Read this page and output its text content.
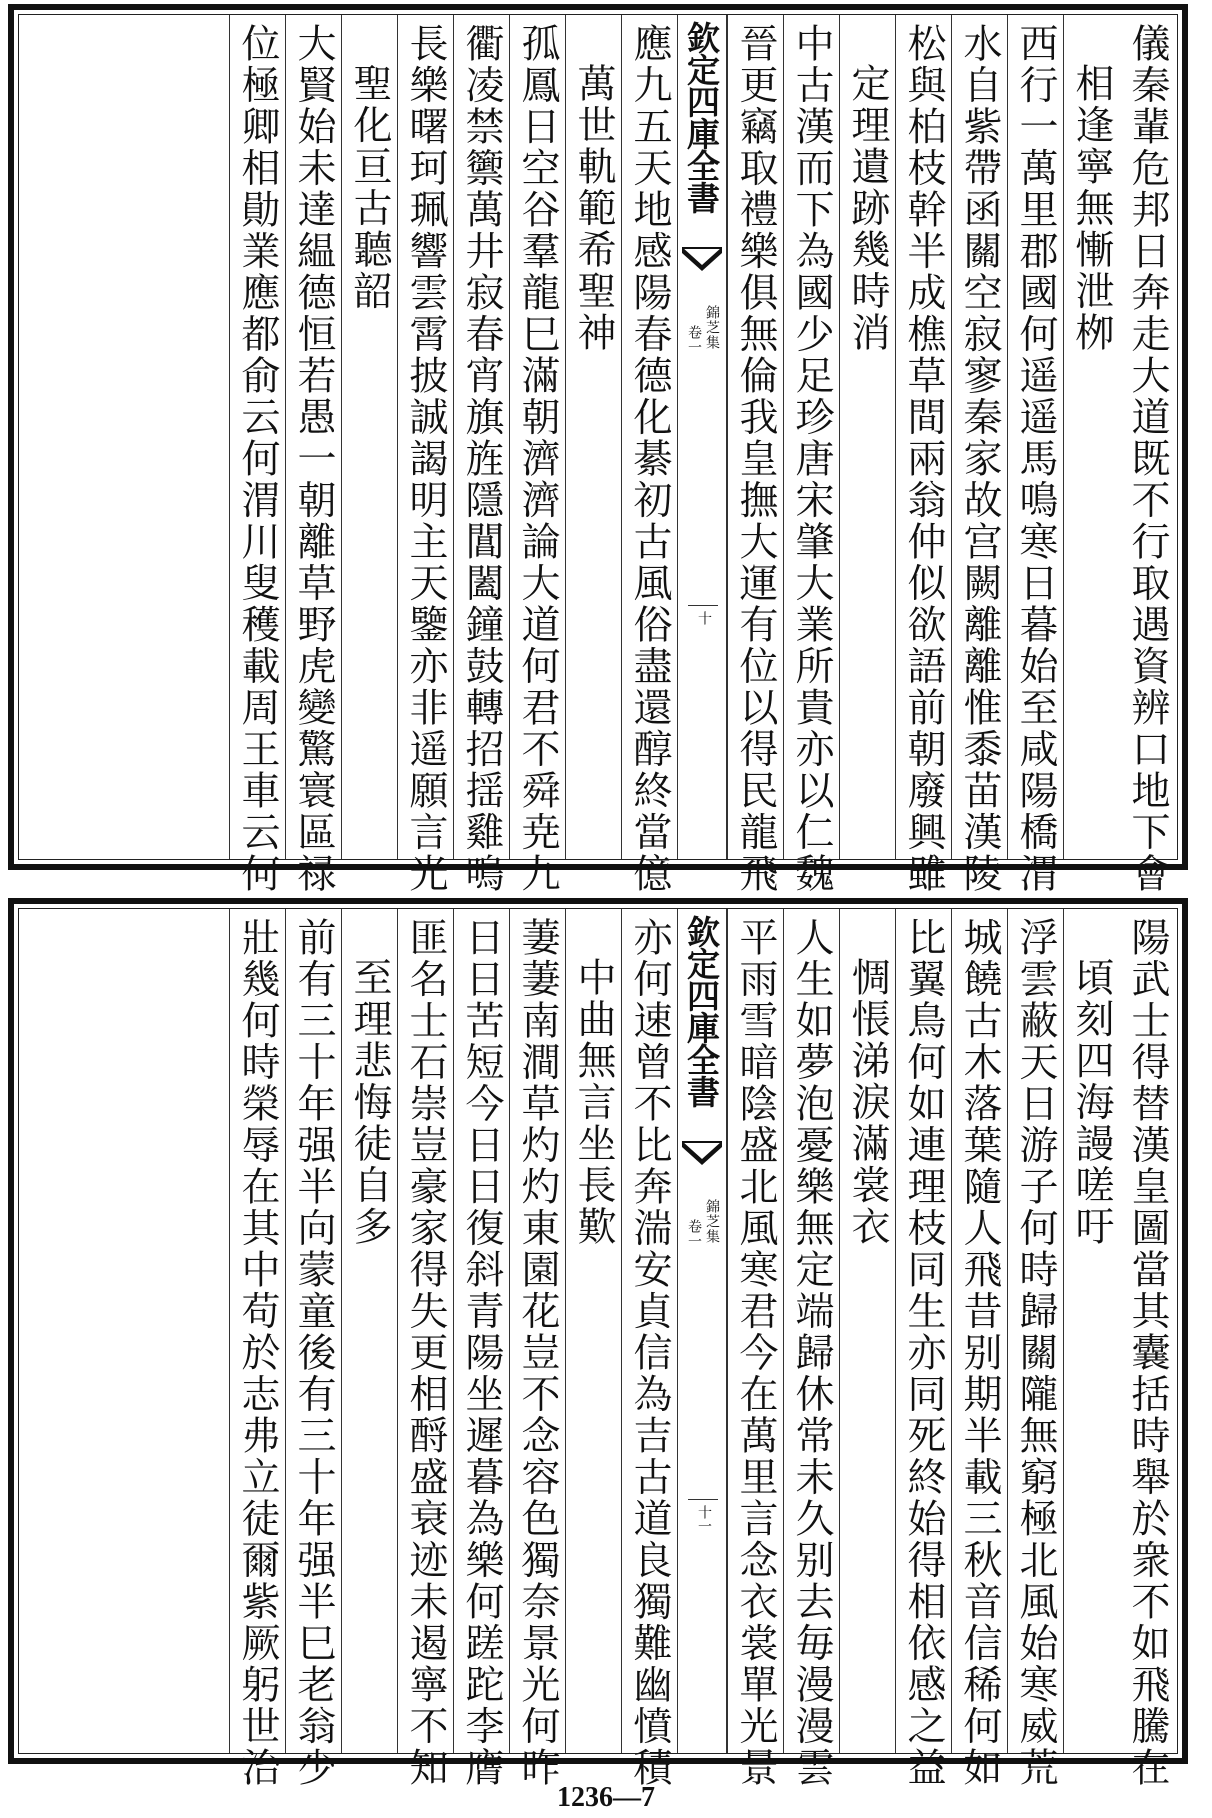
儀秦輩危邦日奔走大道既不行取遇資辨口地下會
相逢寧無慚泄栁
西行一萬里郡國何遥遥馬鳴寒日暮始至咸陽橋渭
水自紫帶函關空寂寥秦家故宫闕離離惟黍苗漢陵
松與柏枝幹半成樵草間兩翁仲似欲語前朝廢興雖
定理遺跡幾時消
中古漢而下為國少足珍唐宋肇大業所貴亦以仁魏
晉更竊取禮樂俱無倫我皇撫大運有位以得民龍飛
欽定四庫全書
錦芝集
卷一
十
應九五天地感陽春德化綦初古風俗盡還醇終當億
萬世軌範希聖神
孤鳳日空谷羣龍巳滿朝濟濟論大道何君不舜尭九
衢凌禁籞萬井寂春宵旗旌隱閶闔鐘鼓轉招揺雞鳴
長樂曙珂珮響雲霄披誠謁明主天鑒亦非遥願言光
聖化亘古聽韶
大賢始未達緼德恒若愚一朝離草野虎變驚寰區禄
位極卿相勛業應都俞云何渭川叟穫載周王車云何
陽武士得替漢皇圖當其囊括時舉於衆不如飛騰在
頃刻四海謾嗟吁
浮雲蔽天日游子何時歸關隴無窮極北風始寒威荒
城饒古木落葉隨人飛昔别期半載三秋音信稀何如
比翼鳥何如連理枝同生亦同死終始得相依感之益
惆悵涕淚滿裳衣
人生如夢泡憂樂無定端歸休常未久别去毎漫漫雲
平雨雪暗陰盛北風寒君今在萬里言念衣裳單光景
欽定四庫全書
錦芝集
卷一
十一
亦何速曾不比奔湍安貞信為吉古道良獨難幽憤積
中曲無言坐長歎
萋萋南澗草灼灼東園花豈不念容色獨奈景光何昨
日日苦短今日日復斜青陽坐遲暮為樂何蹉跎李膺
匪名士石崇豈豪家得失更相酹盛衰迹未遏寧不知
至理悲悔徒自多
前有三十年强半向蒙童後有三十年强半巳老翁少
壯幾何時榮辱在其中苟於志弗立徒爾紫厥躬世治
1236—7
